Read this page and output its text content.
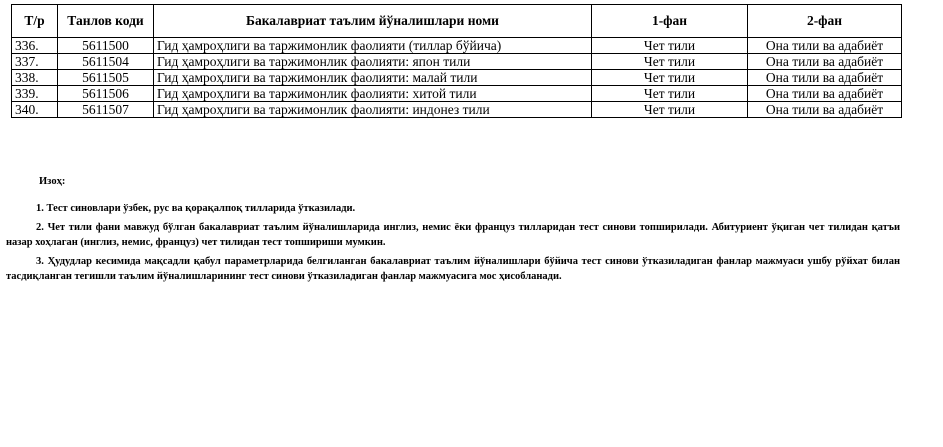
Т/р	Танлов коди	Бакалавриат таълим йўналишлари номи	1-фан	2-фан
336.	5611500	Гид ҳамроҳлиги ва таржимонлик фаолияти (тиллар бўйича)	Чет тили	Она тили ва адабиёт
337.	5611504	Гид ҳамроҳлиги ва таржимонлик фаолияти: япон тили	Чет тили	Она тили ва адабиёт
338.	5611505	Гид ҳамроҳлиги ва таржимонлик фаолияти: малай тили	Чет тили	Она тили ва адабиёт
339.	5611506	Гид ҳамроҳлиги ва таржимонлик фаолияти: хитой тили	Чет тили	Она тили ва адабиёт
340.	5611507	Гид ҳамроҳлиги ва таржимонлик фаолияти: индонез тили	Чет тили	Она тили ва адабиёт
Изоҳ:

1. Тест синовлари ўзбек, рус ва қорақалпоқ тилларида ўтказилади.

2. Чет тили фани мавжуд бўлган бакалавриат таълим йўналишларида инглиз, немис ёки француз тилларидан тест синови топширилади. Абитуриент ўқиган чет тилидан қатъи назар хоҳлаган (инглиз, немис, француз) чет тилидан тест топшириши мумкин.

3. Ҳудудлар кесимида мақсадли қабул параметрларида белгиланган бакалавриат таълим йўналишлари бўйича тест синови ўтказиладиган фанлар мажмуаси ушбу рўйхат билан тасдиқланган тегишли таълим йўналишларининг тест синови ўтказиладиган фанлар мажмуасига мос ҳисобланади.
